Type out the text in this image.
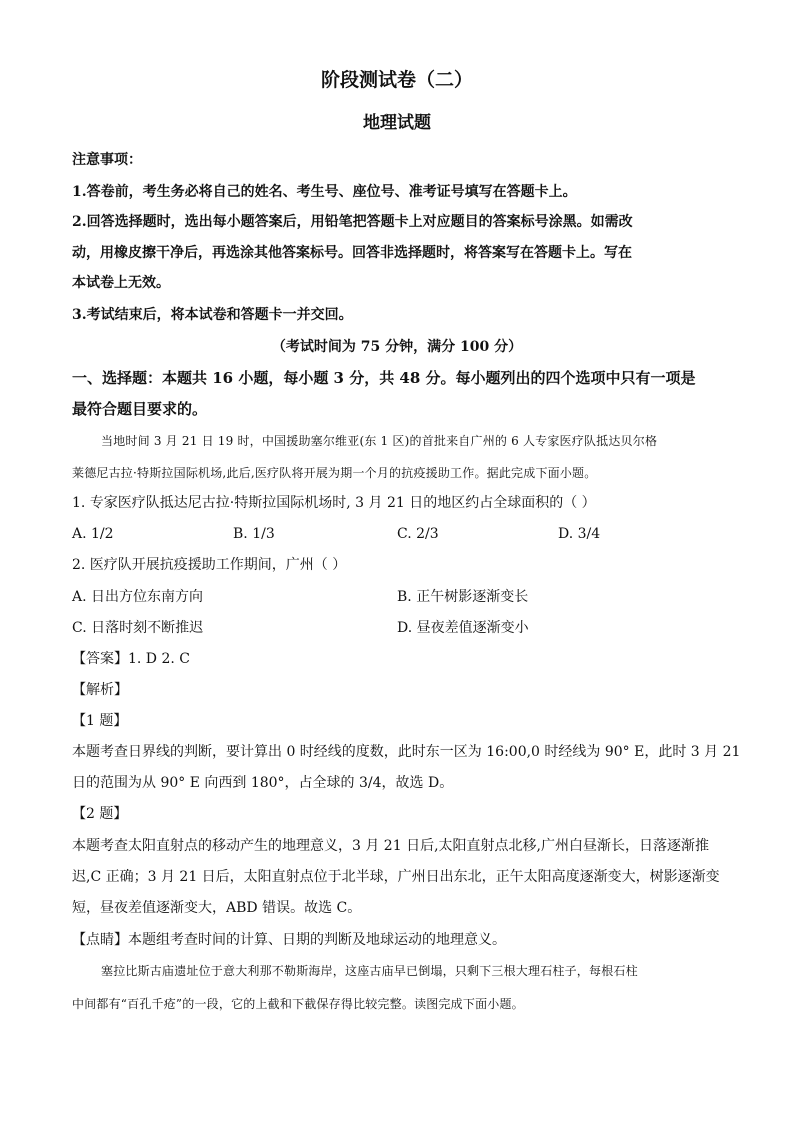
阶段测试卷（二）
地理试题
注意事项：
1.答卷前，考生务必将自己的姓名、考生号、座位号、准考证号填写在答题卡上。
2.回答选择题时，选出每小题答案后，用铅笔把答题卡上对应题目的答案标号涂黑。如需改
动，用橡皮擦干净后，再选涂其他答案标号。回答非选择题时，将答案写在答题卡上。写在
本试卷上无效。
3.考试结束后，将本试卷和答题卡一并交回。
（考试时间为 75 分钟，满分 100 分）
一、选择题：本题共 16 小题，每小题 3 分，共 48 分。每小题列出的四个选项中只有一项是
最符合题目要求的。
当地时间 3 月 21 日 19 时，中国援助塞尔维亚(东 1 区)的首批来自广州的 6 人专家医疗队抵达贝尔格
莱德尼古拉·特斯拉国际机场,此后,医疗队将开展为期一个月的抗疫援助工作。据此完成下面小题。
1. 专家医疗队抵达尼古拉·特斯拉国际机场时, 3 月 21 日的地区约占全球面积的（ ）
A. 1/2	B. 1/3	C. 2/3	D. 3/4
2. 医疗队开展抗疫援助工作期间，广州（ ）
A. 日出方位东南方向	B. 正午树影逐渐变长
C. 日落时刻不断推迟	D. 昼夜差值逐渐变小
【答案】1. D 2. C
【解析】
【1 题】
本题考查日界线的判断，要计算出 0 时经线的度数，此时东一区为 16:00,0 时经线为 90° E，此时 3 月 21
日的范围为从 90° E 向西到 180°，占全球的 3/4，故选 D。
【2 题】
本题考查太阳直射点的移动产生的地理意义，3 月 21 日后,太阳直射点北移,广州白昼渐长，日落逐渐推
迟,C 正确；3 月 21 日后，太阳直射点位于北半球，广州日出东北，正午太阳高度逐渐变大，树影逐渐变
短，昼夜差值逐渐变大，ABD 错误。故选 C。
【点睛】本题组考查时间的计算、日期的判断及地球运动的地理意义。
塞拉比斯古庙遗址位于意大利那不勒斯海岸，这座古庙早已倒塌，只剩下三根大理石柱子，每根石柱
中间都有“百孔千疮”的一段，它的上截和下截保存得比较完整。读图完成下面小题。
